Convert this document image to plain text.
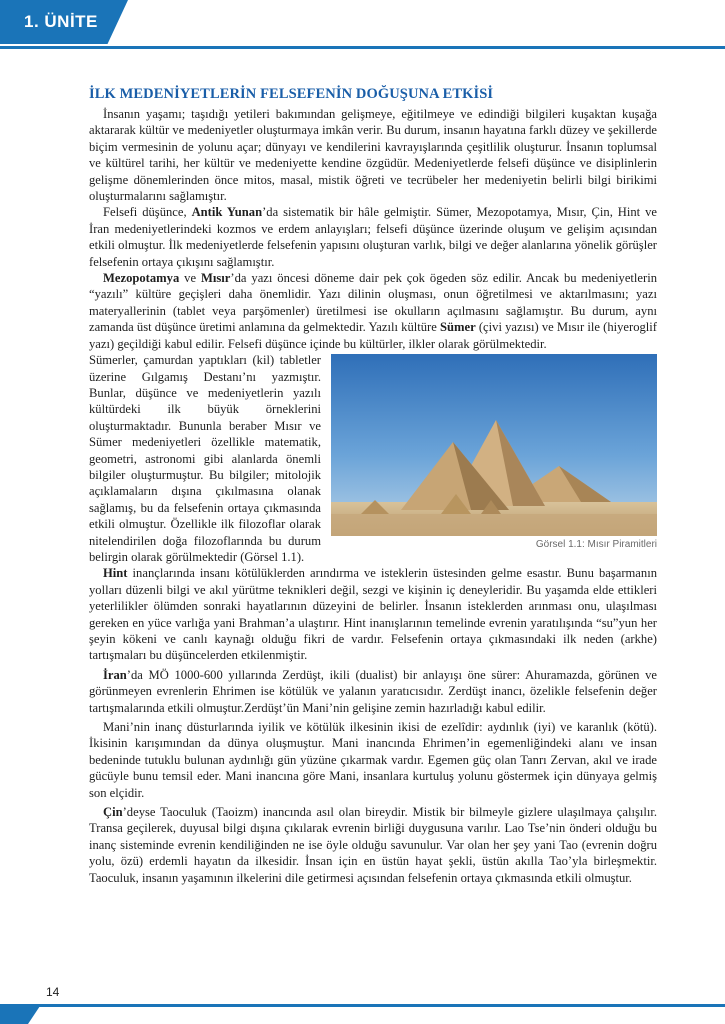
1. ÜNİTE
İLK MEDENİYETLERİN FELSEFENİN DOĞUŞUNA ETKİSİ

İnsanın yaşamı; taşıdığı yetileri bakımından gelişmeye, eğitilmeye ve edindiği bilgileri kuşaktan kuşağa aktararak kültür ve medeniyetler oluşturmaya imkân verir. Bu durum, insanın hayatına farklı düzey ve şekillerde biçim vermesinin de yolunu açar; dünyayı ve kendilerini kavrayışlarında çeşitlilik oluşturur. İnsanın toplumsal ve kültürel tarihi, her kültür ve medeniyette kendine özgüdür. Medeniyetlerde felsefi düşünce ve disiplinlerin gelişme dönemlerinden önce mitos, masal, mistik öğreti ve tecrübeler her medeniyetin belirli bilgi birikimi oluşturmalarını sağlamıştır.

Felsefi düşünce, Antik Yunan’da sistematik bir hâle gelmiştir. Sümer, Mezopotamya, Mısır, Çin, Hint ve İran medeniyetlerindeki kozmos ve erdem anlayışları; felsefi düşünce üzerinde oluşum ve gelişim açısından etkili olmuştur. İlk medeniyetlerde felsefenin yapısını oluşturan varlık, bilgi ve değer alanlarına yönelik görüşler felsefenin ortaya çıkışını sağlamıştır.

Mezopotamya ve Mısır’da yazı öncesi döneme dair pek çok ögeden söz edilir. Ancak bu medeniyetlerin “yazılı” kültüre geçişleri daha önemlidir. Yazı dilinin oluşması, onun öğretilmesi ve aktarılmasını; yazı materyallerinin (tablet veya parşömenler) üretilmesi ise okulların açılmasını sağlamıştır. Bu durum, aynı zamanda üst düşünce üretimi anlamına da gelmektedir. Yazılı kültüre Sümer (çivi yazısı) ve Mısır ile (hiyeroglif yazı) geçildiği kabul edilir. Felsefi düşünce içinde bu kültürler, ilkler olarak görülmektedir.

Görsel 1.1: Mısır Piramitleri

Sümerler, çamurdan yaptıkları (kil) tabletler üzerine Gılgamış Destanı’nı yazmıştır. Bunlar, düşünce ve medeniyetlerin yazılı kültürdeki ilk büyük örneklerini oluşturmaktadır. Bununla beraber Mısır ve Sümer medeniyetleri özellikle matematik, geometri, astronomi gibi alanlarda önemli bilgiler oluşturmuştur. Bu bilgiler; mitolojik açıklamaların dışına çıkılmasına olanak sağlamış, bu da felsefenin ortaya çıkmasında etkili olmuştur. Özellikle ilk filozoflar olarak nitelendirilen doğa filozoflarında bu durum belirgin olarak görülmektedir (Görsel 1.1).

Hint inançlarında insanı kötülüklerden arındırma ve isteklerin üstesinden gelme esastır. Bunu başarmanın yolları düzenli bilgi ve akıl yürütme teknikleri değil, sezgi ve kişinin iç deneyleridir. Bu yaşamda elde ettikleri yeterlilikler ölümden sonraki hayatlarının düzeyini de belirler. İnsanın isteklerden arınması onu, ulaşılması gereken en yüce varlığa yani Brahman’a ulaştırır. Hint inanışlarının temelinde evrenin yaratılışında “su”yun her şeyin kökeni ve canlı kaynağı olduğu fikri de vardır. Felsefenin ortaya çıkmasındaki ilk neden (arkhe) tartışmaları bu düşüncelerden etkilenmiştir.

İran’da MÖ 1000-600 yıllarında Zerdüşt, ikili (dualist) bir anlayışı öne sürer: Ahuramazda, görünen ve görünmeyen evrenlerin Ehrimen ise kötülük ve yalanın yaratıcısıdır. Zerdüşt inancı, özelikle felsefenin değer tartışmalarında etkili olmuştur.Zerdüşt’ün Mani’nin gelişine zemin hazırladığı kabul edilir.

Mani’nin inanç düsturlarında iyilik ve kötülük ilkesinin ikisi de ezelîdir: aydınlık (iyi) ve karanlık (kötü). İkisinin karışımından da dünya oluşmuştur. Mani inancında Ehrimen’in egemenliğindeki alanı ve insan bedeninde tutuklu bulunan aydınlığı gün yüzüne çıkarmak vardır. Egemen güç olan Tanrı Zervan, akıl ve irade gücüyle bunu temsil eder. Mani inancına göre Mani, insanlara kurtuluş yolunu göstermek için dünyaya gelmiş son elçidir.

Çin’deyse Taoculuk (Taoizm) inancında asıl olan bireydir. Mistik bir bilmeyle gizlere ulaşılmaya çalışılır. Transa geçilerek, duyusal bilgi dışına çıkılarak evrenin birliği duygusuna varılır. Lao Tse’nin önderi olduğu bu inanç sisteminde evrenin kendiliğinden ne ise öyle olduğu savunulur. Var olan her şey yani Tao (evrenin doğru yolu, özü) erdemli hayatın da ilkesidir. İnsan için en üstün hayat şekli, üstün akılla Tao’yla birleşmektir. Taoculuk, insanın yaşamının ilkelerini dile getirmesi açısından felsefenin ortaya çıkmasında etkili olmuştur.

14
